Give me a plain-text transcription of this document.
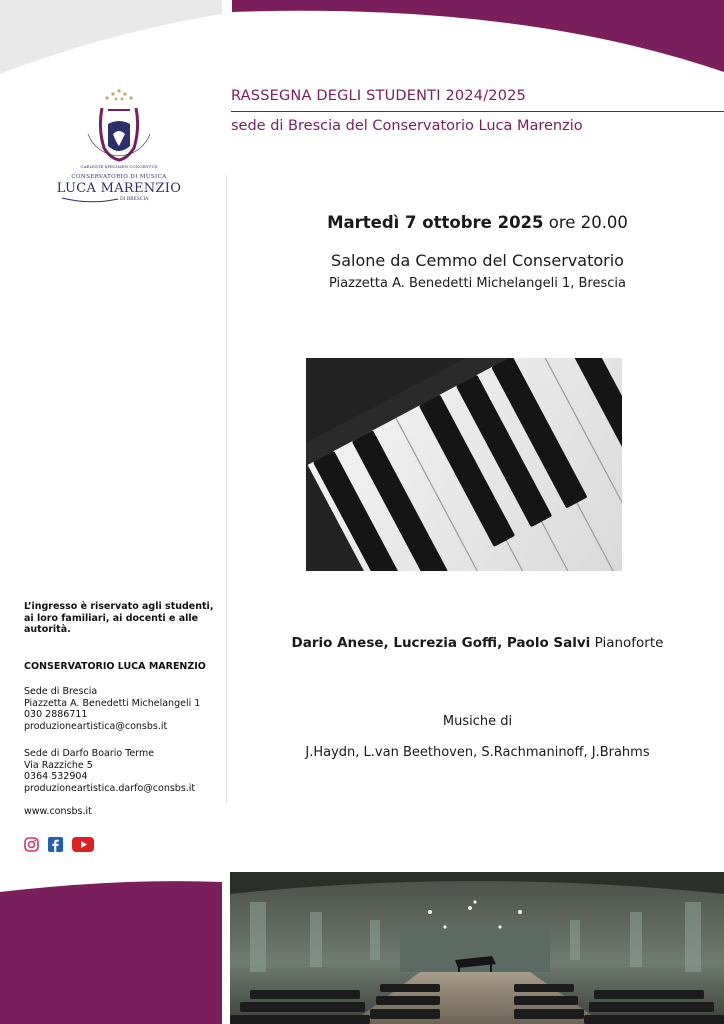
RASSEGNA DEGLI STUDENTI 2024/2025
sede di Brescia del Conservatorio Luca Marenzio
CAELESTE SPECIMEN CONCENTUS
CONSERVATORIO DI MUSICA
LUCA MARENZIO
DI BRESCIA
Martedì 7 ottobre 2025 ore 20.00
Salone da Cemmo del Conservatorio
Piazzetta A. Benedetti Michelangeli 1, Brescia
Dario Anese, Lucrezia Goffi, Paolo Salvi Pianoforte
Musiche di
J.Haydn, L.van Beethoven, S.Rachmaninoff, J.Brahms
L’ingresso è riservato agli studenti,
ai loro familiari, ai docenti e alle
autorità.
CONSERVATORIO LUCA MARENZIO
Sede di Brescia
Piazzetta A. Benedetti Michelangeli 1
030 2886711
produzioneartistica@consbs.it
Sede di Darfo Boario Terme
Via Razziche 5
0364 532904
produzioneartistica.darfo@consbs.it
www.consbs.it
